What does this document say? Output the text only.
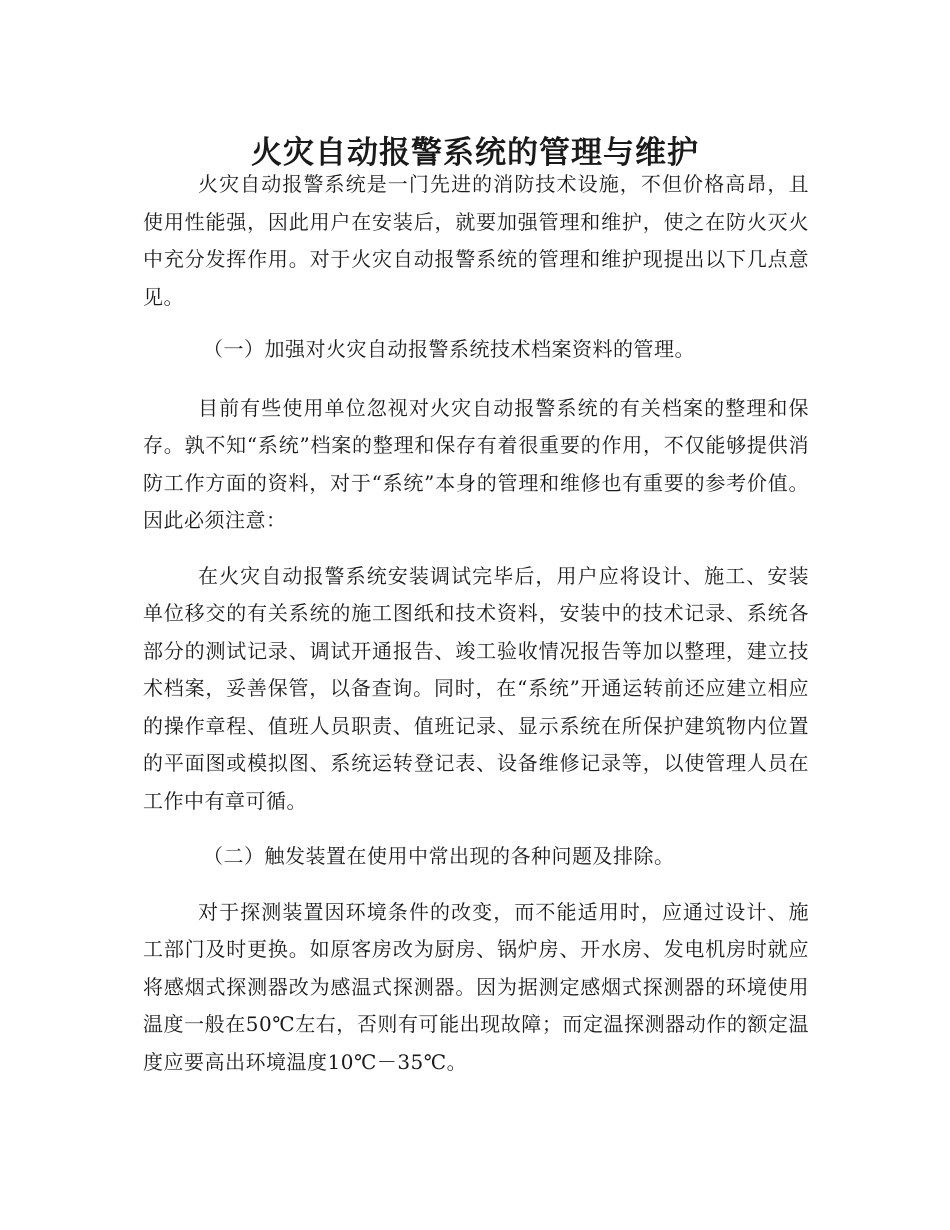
火灾自动报警系统的管理与维护

火灾自动报警系统是一门先进的消防技术设施，不但价格高昂，且使用性能强，因此用户在安装后，就要加强管理和维护，使之在防火灭火中充分发挥作用。对于火灾自动报警系统的管理和维护现提出以下几点意见。

（一）加强对火灾自动报警系统技术档案资料的管理。

目前有些使用单位忽视对火灾自动报警系统的有关档案的整理和保存。孰不知“系统”档案的整理和保存有着很重要的作用，不仅能够提供消防工作方面的资料，对于“系统”本身的管理和维修也有重要的参考价值。因此必须注意：

在火灾自动报警系统安装调试完毕后，用户应将设计、施工、安装单位移交的有关系统的施工图纸和技术资料，安装中的技术记录、系统各部分的测试记录、调试开通报告、竣工验收情况报告等加以整理，建立技术档案，妥善保管，以备查询。同时，在“系统”开通运转前还应建立相应的操作章程、值班人员职责、值班记录、显示系统在所保护建筑物内位置的平面图或模拟图、系统运转登记表、设备维修记录等，以使管理人员在工作中有章可循。

（二）触发装置在使用中常出现的各种问题及排除。

对于探测装置因环境条件的改变，而不能适用时，应通过设计、施工部门及时更换。如原客房改为厨房、锅炉房、开水房、发电机房时就应将感烟式探测器改为感温式探测器。因为据测定感烟式探测器的环境使用温度一般在50℃左右，否则有可能出现故障；而定温探测器动作的额定温度应要高出环境温度10℃－35℃。
